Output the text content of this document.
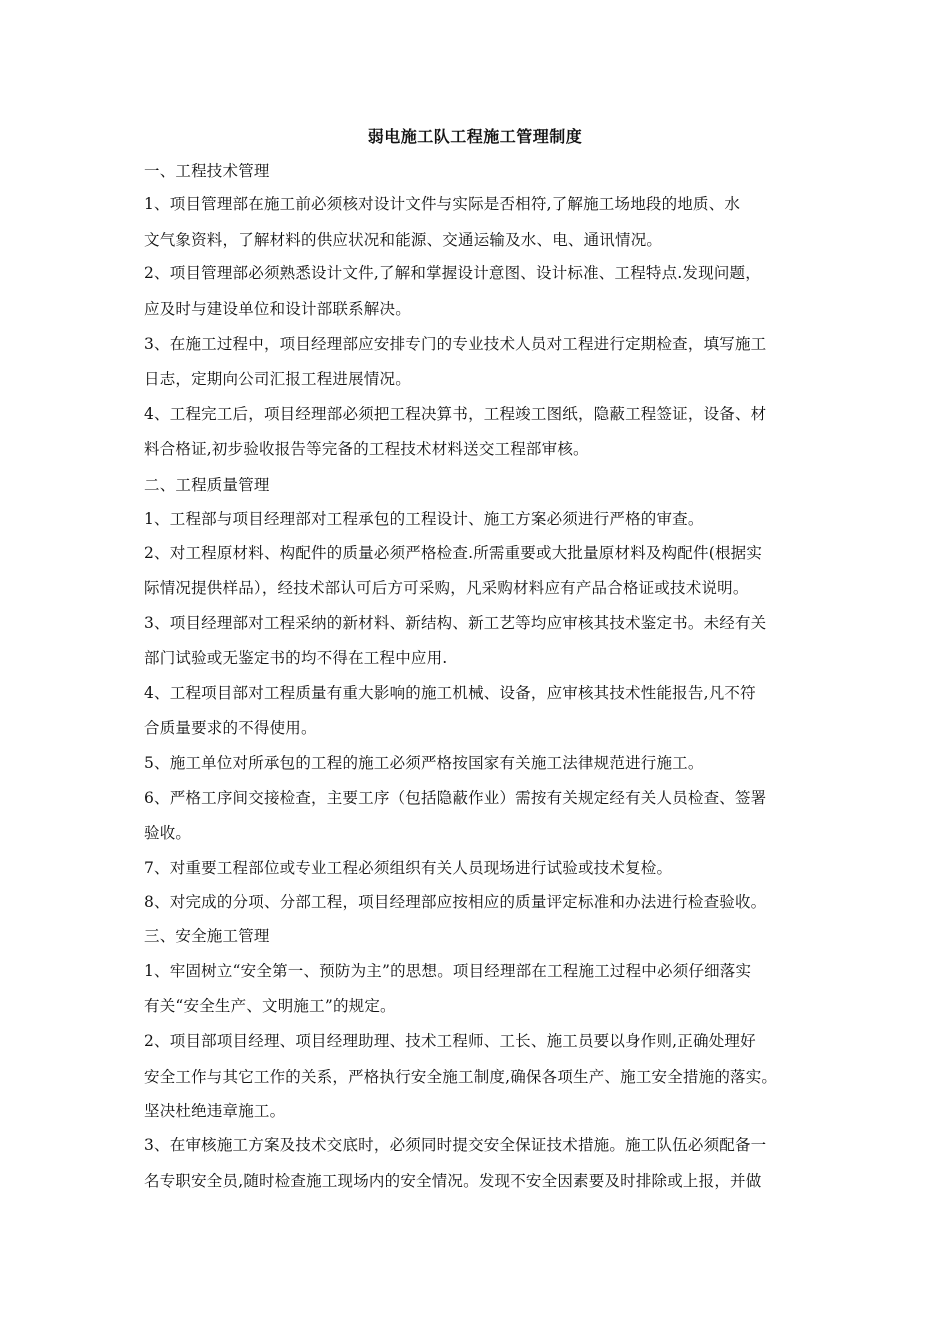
弱电施工队工程施工管理制度
一、工程技术管理
1、项目管理部在施工前必须核对设计文件与实际是否相符,了解施工场地段的地质、水
文气象资料，了解材料的供应状况和能源、交通运输及水、电、通讯情况。
2、项目管理部必须熟悉设计文件,了解和掌握设计意图、设计标准、工程特点.发现问题，
应及时与建设单位和设计部联系解决。
3、在施工过程中，项目经理部应安排专门的专业技术人员对工程进行定期检查，填写施工
日志，定期向公司汇报工程进展情况。
4、工程完工后，项目经理部必须把工程决算书，工程竣工图纸，隐蔽工程签证，设备、材
料合格证,初步验收报告等完备的工程技术材料送交工程部审核。
二、工程质量管理
1、工程部与项目经理部对工程承包的工程设计、施工方案必须进行严格的审查。
2、对工程原材料、构配件的质量必须严格检查.所需重要或大批量原材料及构配件(根据实
际情况提供样品），经技术部认可后方可采购，凡采购材料应有产品合格证或技术说明。
3、项目经理部对工程采纳的新材料、新结构、新工艺等均应审核其技术鉴定书。未经有关
部门试验或无鉴定书的均不得在工程中应用.
4、工程项目部对工程质量有重大影响的施工机械、设备，应审核其技术性能报告,凡不符
合质量要求的不得使用。
5、施工单位对所承包的工程的施工必须严格按国家有关施工法律规范进行施工。
6、严格工序间交接检查，主要工序（包括隐蔽作业）需按有关规定经有关人员检查、签署
验收。
7、对重要工程部位或专业工程必须组织有关人员现场进行试验或技术复检。
8、对完成的分项、分部工程，项目经理部应按相应的质量评定标准和办法进行检查验收。
三、安全施工管理
1、牢固树立“安全第一、预防为主”的思想。项目经理部在工程施工过程中必须仔细落实
有关“安全生产、文明施工”的规定。
2、项目部项目经理、项目经理助理、技术工程师、工长、施工员要以身作则,正确处理好
安全工作与其它工作的关系，严格执行安全施工制度,确保各项生产、施工安全措施的落实。
坚决杜绝违章施工。
3、在审核施工方案及技术交底时，必须同时提交安全保证技术措施。施工队伍必须配备一
名专职安全员,随时检查施工现场内的安全情况。发现不安全因素要及时排除或上报，并做
